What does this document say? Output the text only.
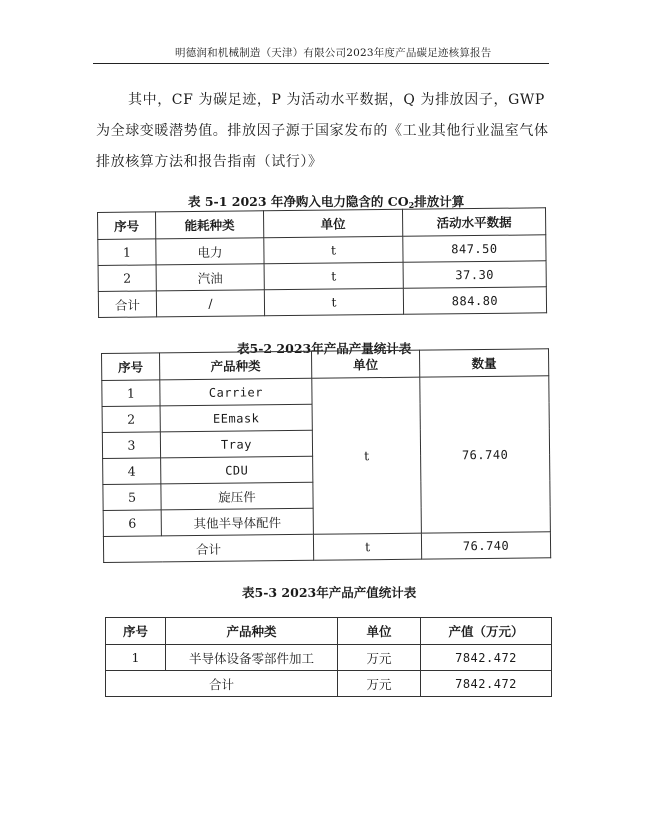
明德润和机械制造（天津）有限公司2023年度产品碳足迹核算报告
其中，CF 为碳足迹，P 为活动水平数据，Q 为排放因子，GWP 为全球变暖潜势值。排放因子源于国家发布的《工业其他行业温室气体排放核算方法和报告指南（试行）》
表 5-1 2023 年净购入电力隐含的 $CO_2$排放计算
序号	能耗种类	单位	活动水平数据
1	电力	t	847.50
2	汽油	t	37.30
合计	/	t	884.80
表5-2 2023年产品产量统计表
序号	产品种类	单位	数量
1	Carrier	t	76.740
2	EEmask		
3	Tray		
4	CDU		
5	旋压件		
6	其他半导体配件		
合计		t	76.740
表5-3 2023年产品产值统计表
序号	产品种类	单位	产值（万元）
1	半导体设备零部件加工	万元	7842.472
合计		万元	7842.472
